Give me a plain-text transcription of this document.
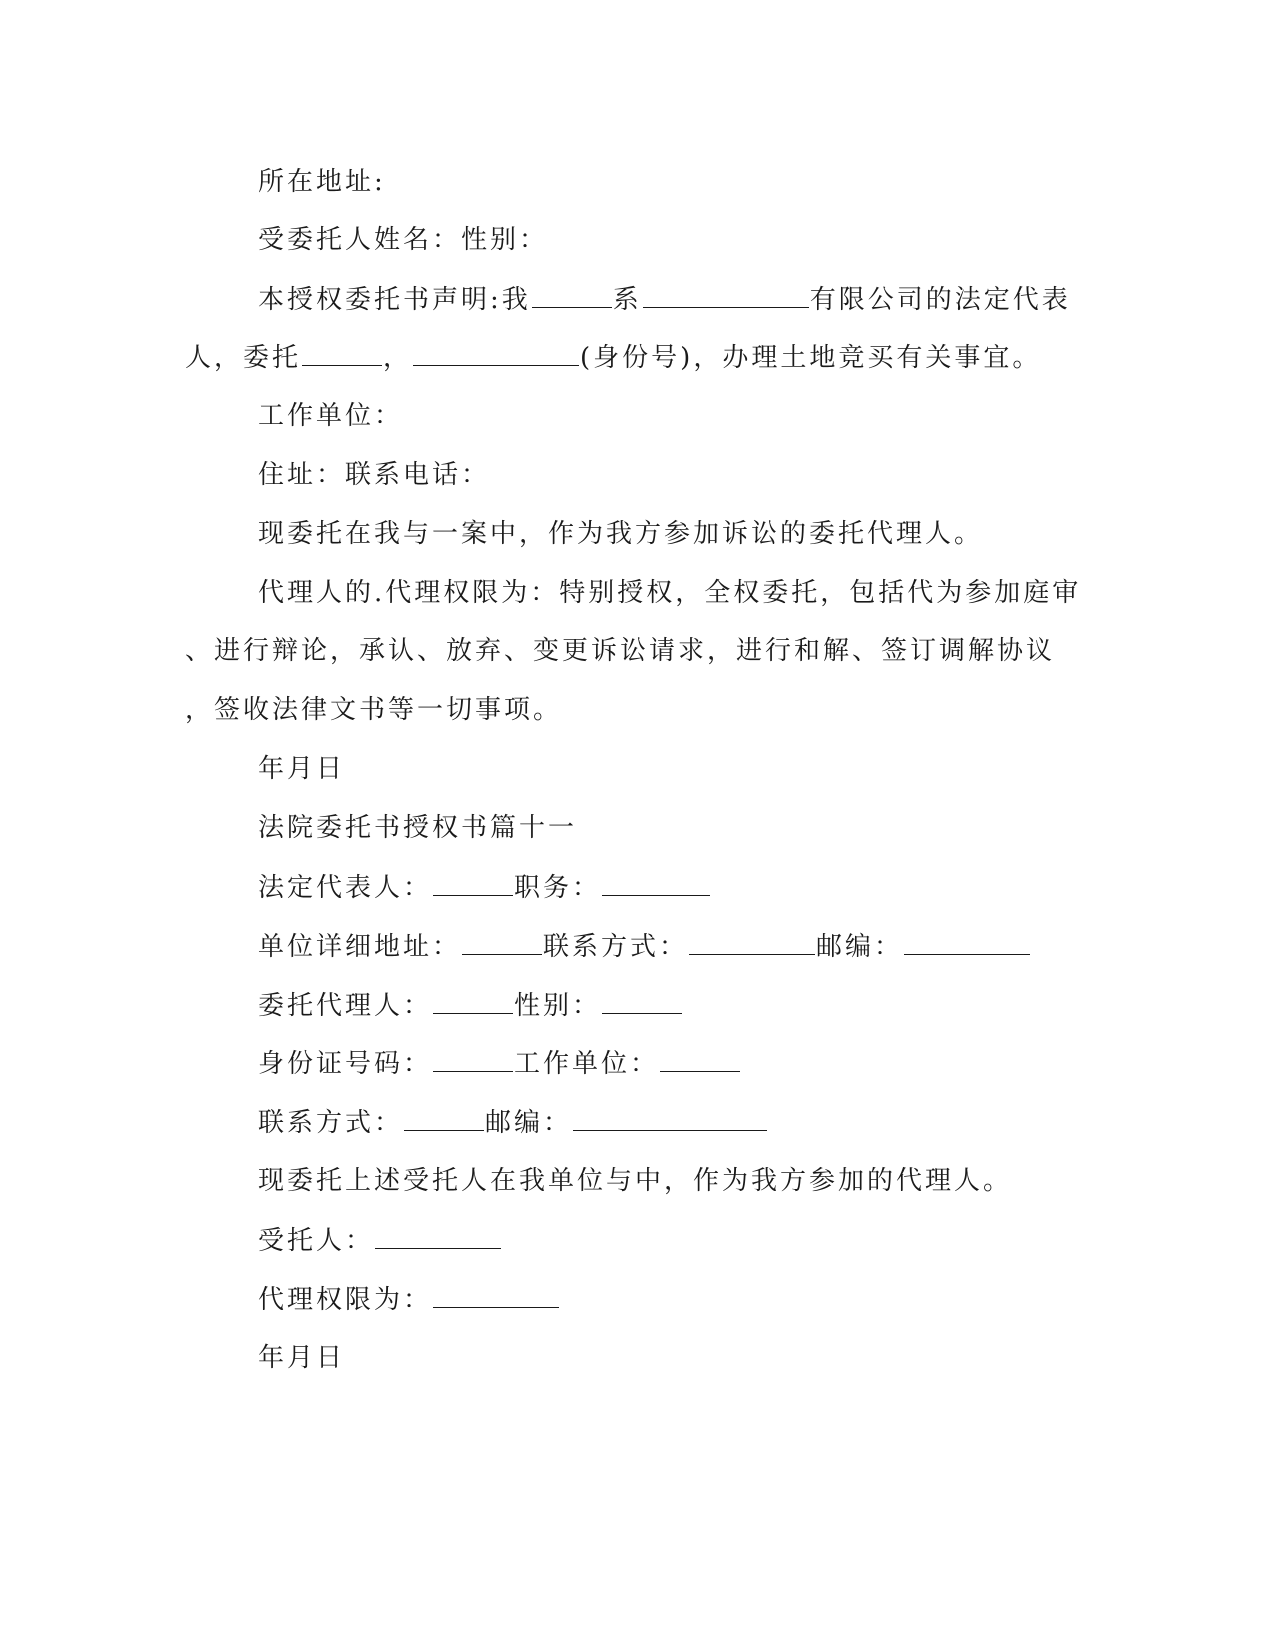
所在地址:
受委托人姓名：性别：
本授权委托书声明:我	系	有限公司的法定代表
人，委托	，	(身份号)，办理土地竞买有关事宜。
工作单位：
住址：联系电话：
现委托在我与一案中，作为我方参加诉讼的委托代理人。
代理人的.代理权限为：特别授权，全权委托，包括代为参加庭审
、进行辩论，承认、放弃、变更诉讼请求，进行和解、签订调解协议
，签收法律文书等一切事项。
年月日
法院委托书授权书篇十一
法定代表人：	职务：
单位详细地址：	联系方式：	邮编：
委托代理人：	性别：
身份证号码：	工作单位：
联系方式：	邮编：
现委托上述受托人在我单位与中，作为我方参加的代理人。
受托人：
代理权限为：
年月日
